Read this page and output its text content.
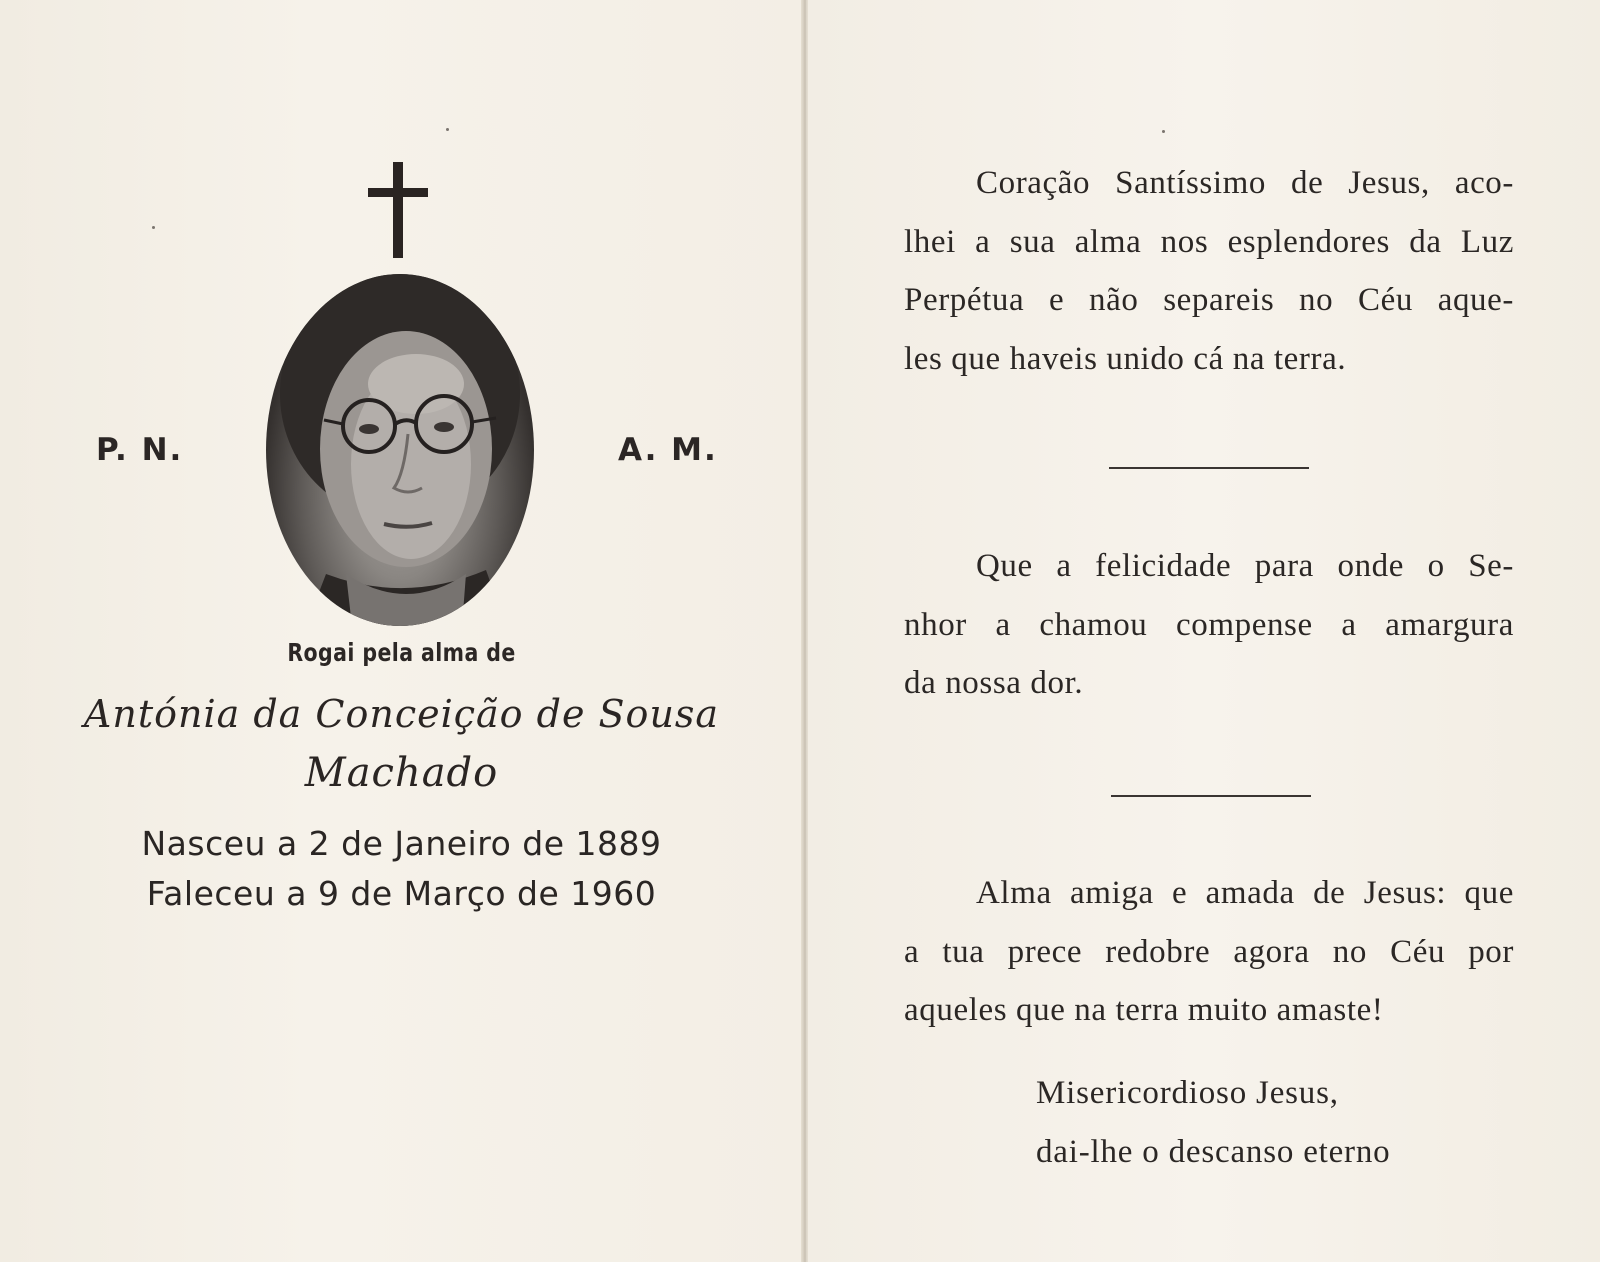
P. N.	A. M.
Rogai pela alma de
Antónia da Conceição de Sousa
Machado
Nasceu a 2 de Janeiro de 1889
Faleceu a 9 de Março de 1960
Coração Santíssimo de Jesus, aco-
lhei a sua alma nos esplendores da Luz
Perpétua e não separeis no Céu aque-
les que haveis unido cá na terra.
Que a felicidade para onde o Se-
nhor a chamou compense a amargura
da nossa dor.
Alma amiga e amada de Jesus: que
a tua prece redobre agora no Céu por
aqueles que na terra muito amaste!
Misericordioso Jesus,
dai-lhe o descanso eterno
